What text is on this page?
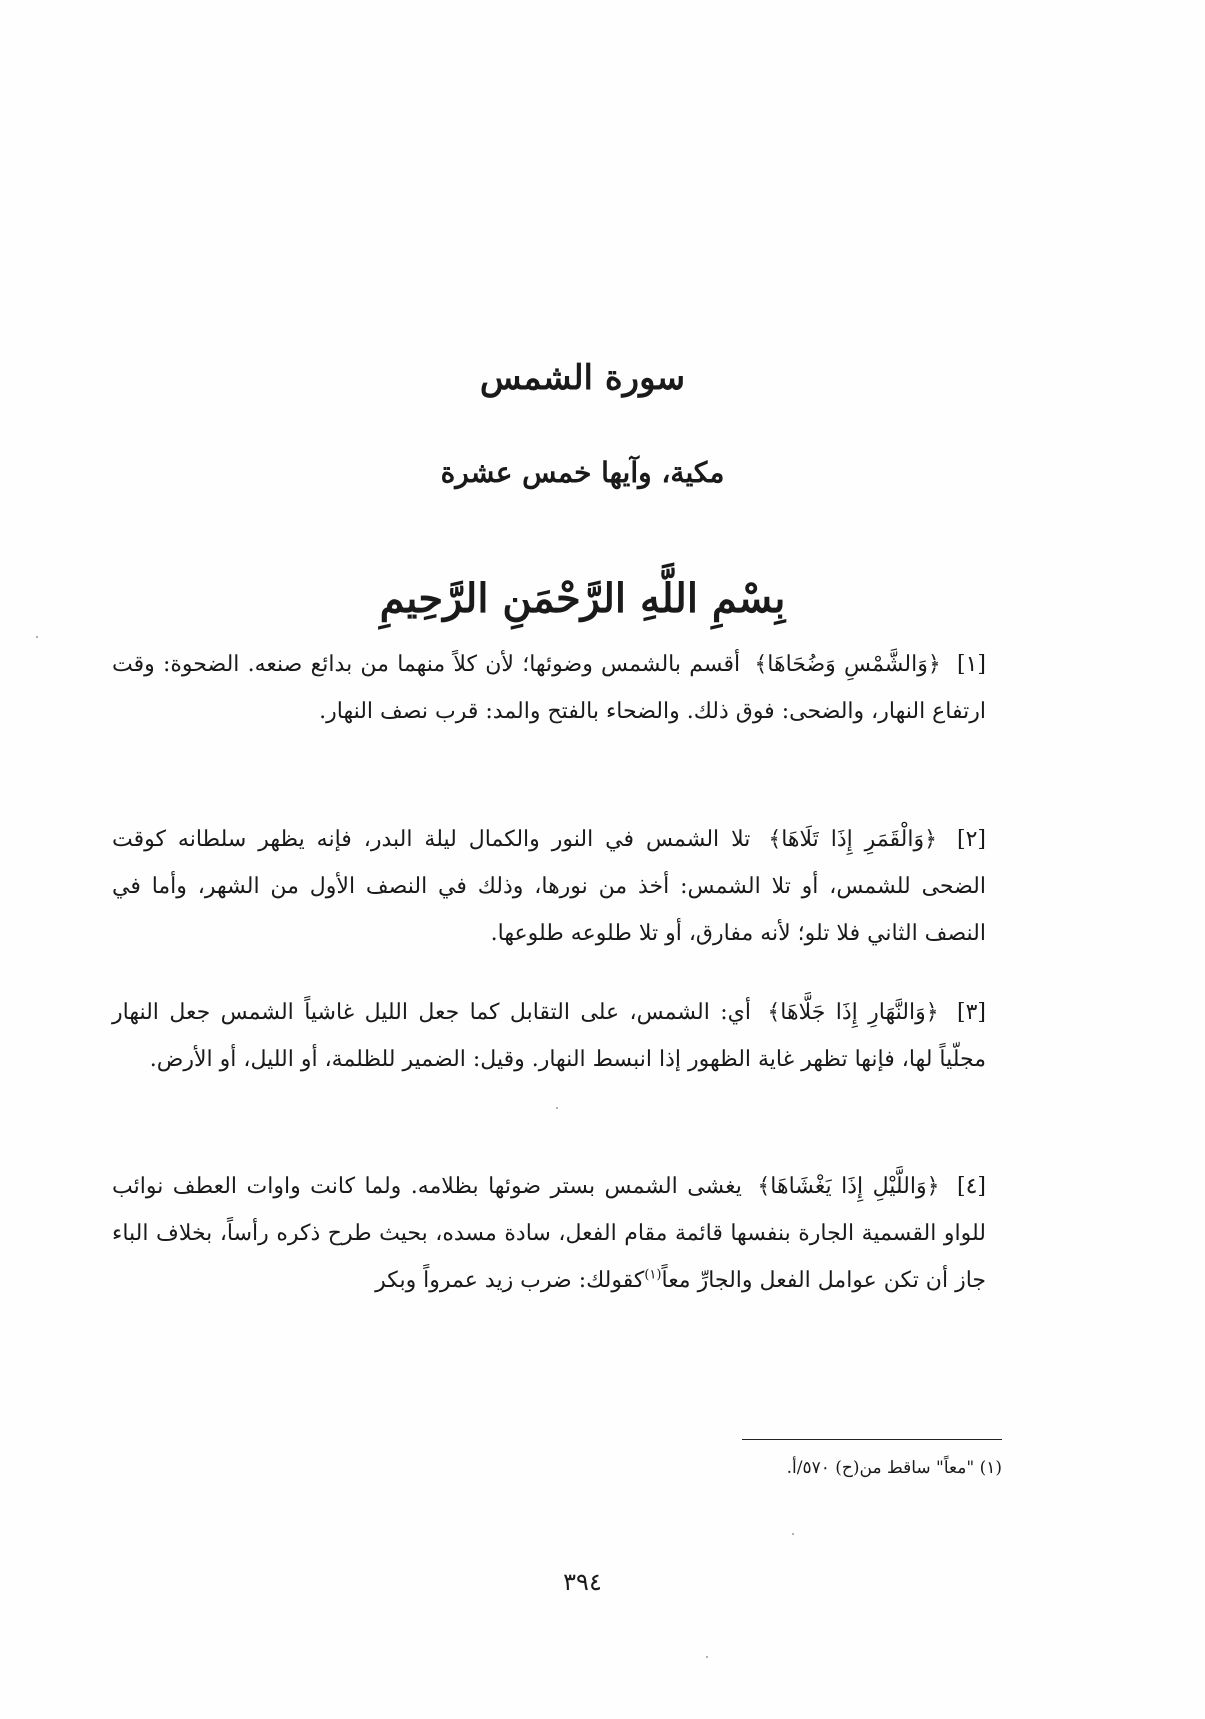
سورة الشمس
مكية، وآيها خمس عشرة
بِسْمِ اللَّهِ الرَّحْمَنِ الرَّحِيمِ

[١] ﴿وَالشَّمْسِ وَضُحَاهَا﴾ أقسم بالشمس وضوئها؛ لأن كلاً منهما من بدائع صنعه. الضحوة: وقت ارتفاع النهار، والضحى: فوق ذلك. والضحاء بالفتح والمد: قرب نصف النهار.

[٢] ﴿وَالْقَمَرِ إِذَا تَلَاهَا﴾ تلا الشمس في النور والكمال ليلة البدر، فإنه يظهر سلطانه كوقت الضحى للشمس، أو تلا الشمس: أخذ من نورها، وذلك في النصف الأول من الشهر، وأما في النصف الثاني فلا تلو؛ لأنه مفارق، أو تلا طلوعه طلوعها.

[٣] ﴿وَالنَّهَارِ إِذَا جَلَّاهَا﴾ أي: الشمس، على التقابل كما جعل الليل غاشياً الشمس جعل النهار مجلّياً لها، فإنها تظهر غاية الظهور إذا انبسط النهار. وقيل: الضمير للظلمة، أو الليل، أو الأرض.

[٤] ﴿وَاللَّيْلِ إِذَا يَغْشَاهَا﴾ يغشى الشمس بستر ضوئها بظلامه. ولما كانت واوات العطف نوائب للواو القسمية الجارة بنفسها قائمة مقام الفعل، سادة مسده، بحيث طرح ذكره رأساً، بخلاف الباء جاز أن تكن عوامل الفعل والجارِّ معاً$^{(١)}$كقولك: ضرب زيد عمرواً وبكر

(١) "معاً" ساقط من(ح) ٥٧٠/أ.
٣٩٤
